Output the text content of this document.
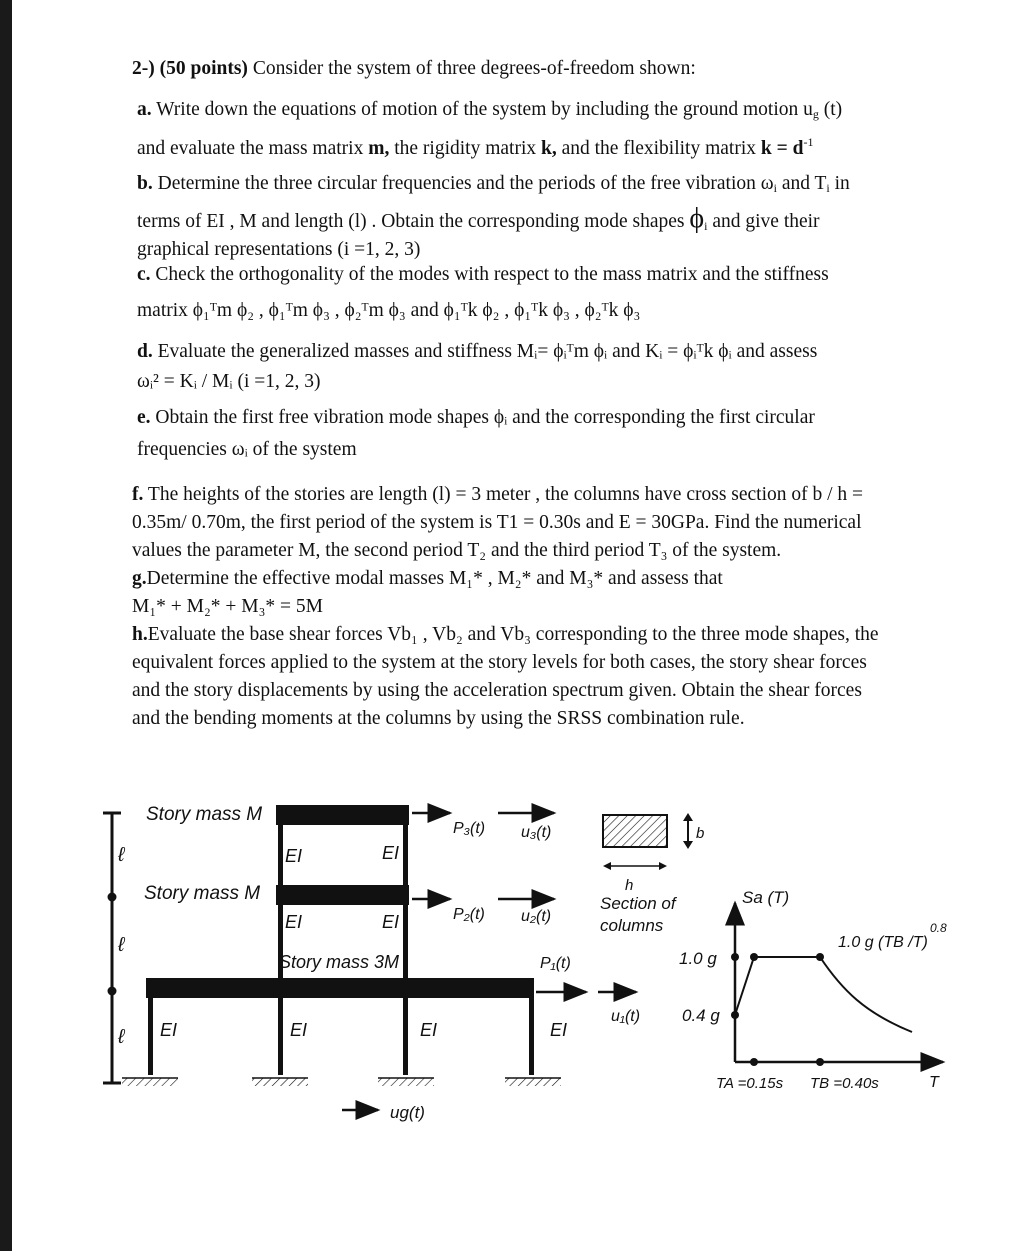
2-) (50 points) Consider the system of three degrees-of-freedom shown:

a. Write down the equations of motion of the system by including the ground motion $u_g$ (t)
and evaluate the mass matrix m, the rigidity matrix k, and the flexibility matrix $k = d^{-1}$

b. Determine the three circular frequencies and the periods of the free vibration $\omega_i$ and $T_i$ in

terms of EI , M and length (l) . Obtain the corresponding mode shapes $\phi_i$ and give their

graphical representations (i =1, 2, 3)

c. Check the orthogonality of the modes with respect to the mass matrix and the stiffness

matrix ϕ₁ᵀm ϕ₂ , ϕ₁ᵀm ϕ₃ , ϕ₂ᵀm ϕ₃ and ϕ₁ᵀk ϕ₂ , ϕ₁ᵀk ϕ₃ , ϕ₂ᵀk ϕ₃

d. Evaluate the generalized masses and stiffness Mᵢ= ϕᵢᵀm ϕᵢ and Kᵢ = ϕᵢᵀk ϕᵢ and assess

ωᵢ² = Kᵢ / Mᵢ (i =1, 2, 3)

e. Obtain the first free vibration mode shapes ϕᵢ and the corresponding the first circular

frequencies ωᵢ of the system

f. The heights of the stories are length (l) = 3 meter , the columns have cross section of b / h =
0.35m/ 0.70m, the first period of the system is T1 = 0.30s and E = 30GPa. Find the numerical
values the parameter M, the second period T₂ and the third period T₃ of the system.

g.Determine the effective modal masses M₁* , M₂* and M₃* and assess that
M₁* + M₂* + M₃* = 5M

h.Evaluate the base shear forces Vb₁ , Vb₂ and Vb₃ corresponding to the three mode shapes, the
equivalent forces applied to the system at the story levels for both cases, the story shear forces
and the story displacements by using the acceleration spectrum given. Obtain the shear forces
and the bending moments at the columns by using the SRSS combination rule.

ℓ
ℓ
ℓ
Story mass M
Story mass M
EI	EI
EI	EI
Story mass 3M
EI	EI	EI	EI
ug(t)
P₃(t) u₃(t)
P₂(t) u₂(t)
P₁(t)
u₁(t)
b
h
Section of
columns
Sa (T)
T
1.0 g
0.4 g
1.0 g (TB /T)
0.8
TA =0.15s TB =0.40s
